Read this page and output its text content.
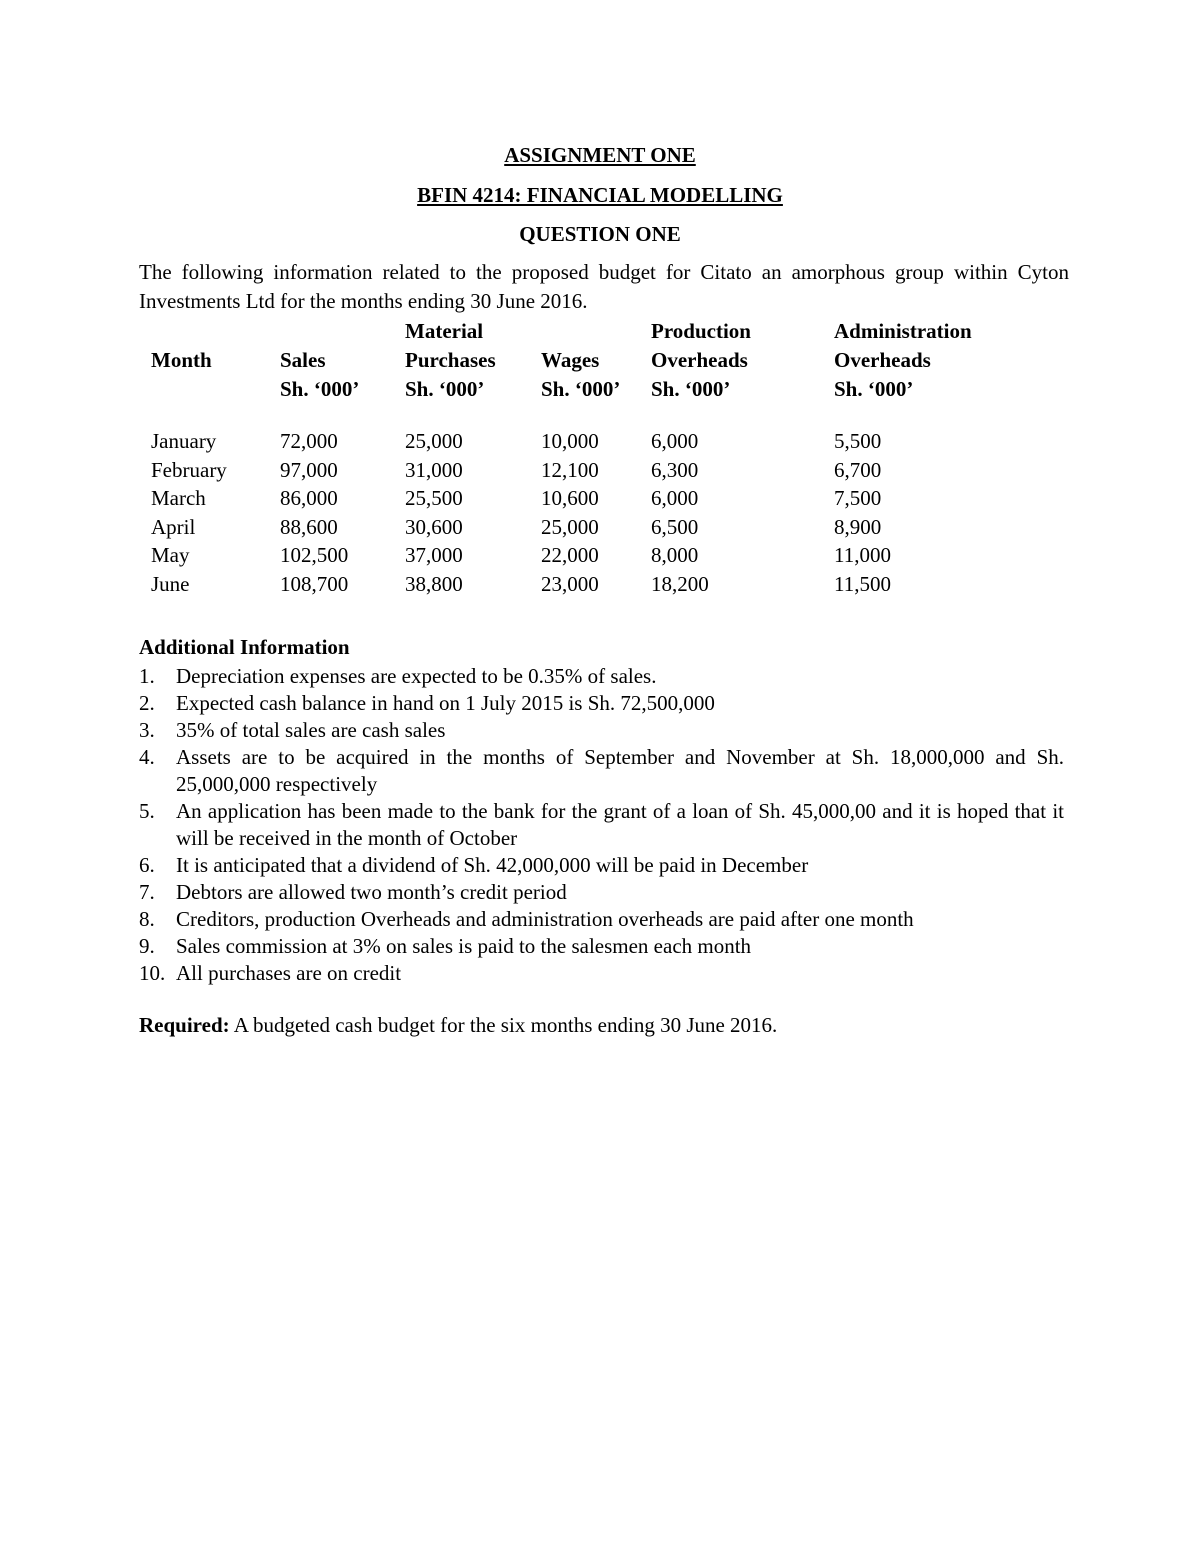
ASSIGNMENT ONE

BFIN 4214: FINANCIAL MODELLING

QUESTION ONE

The following information related to the proposed budget for Citato an amorphous group within Cyton Investments Ltd for the months ending 30 June 2016.

Month
	Sales
Sh. ‘000’
Material
Purchases
Sh. ‘000’

Wages
Sh. ‘000’
Production
Overheads
Sh. ‘000’
Administration
Overheads
Sh. ‘000’
January
February
March
April
May
June
72,000
97,000
86,000
88,600
102,500
108,700
25,000
31,000
25,500
30,600
37,000
38,800
10,000
12,100
10,600
25,000
22,000
23,000
6,000
6,300
6,000
6,500
8,000
18,200
5,500
6,700
7,500
8,900
11,000
11,500

Additional Information

1. Depreciation expenses are expected to be 0.35% of sales.
2. Expected cash balance in hand on 1 July 2015 is Sh. 72,500,000
3. 35% of total sales are cash sales
4. Assets are to be acquired in the months of September and November at Sh. 18,000,000 and Sh. 25,000,000 respectively
5. An application has been made to the bank for the grant of a loan of Sh. 45,000,00 and it is hoped that it will be received in the month of October
6. It is anticipated that a dividend of Sh. 42,000,000 will be paid in December
7. Debtors are allowed two month’s credit period
8. Creditors, production Overheads and administration overheads are paid after one month
9. Sales commission at 3% on sales is paid to the salesmen each month
10. All purchases are on credit

Required: A budgeted cash budget for the six months ending 30 June 2016.
